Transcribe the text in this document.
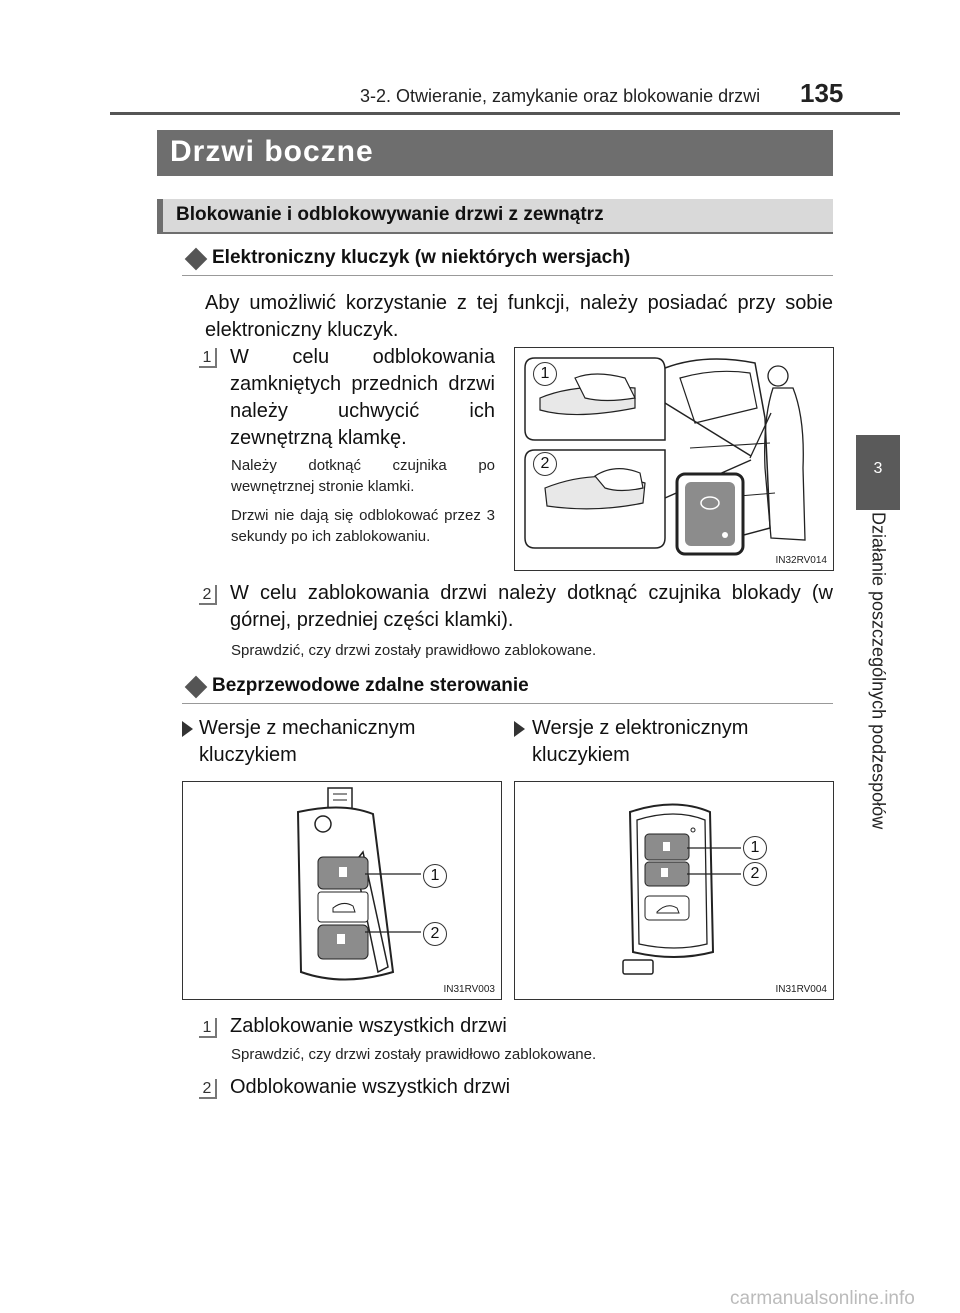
3-2. Otwieranie, zamykanie oraz blokowanie drzwi 135
3
Działanie poszczególnych podzespołów
Drzwi boczne
Blokowanie i odblokowywanie drzwi z zewnątrz
Elektroniczny kluczyk (w niektórych wersjach)
Aby umożliwić korzystanie z tej funkcji, należy posiadać przy sobie elektroniczny kluczyk.
1 W celu odblokowania zamkniętych przednich drzwi należy uchwycić ich zewnętrzną klamkę.
Należy dotknąć czujnika po wewnętrznej stronie klamki.
Drzwi nie dają się odblokować przez 3 sekundy po ich zablokowaniu.
1
2
IN32RV014
2 W celu zablokowania drzwi należy dotknąć czujnika blokady (w górnej, przedniej części klamki).
Sprawdzić, czy drzwi zostały prawidłowo zablokowane.
Bezprzewodowe zdalne sterowanie
Wersje z mechanicznym kluczykiem
Wersje z elektronicznym kluczykiem
1
2
IN31RV003
1
2
IN31RV004
1 Zablokowanie wszystkich drzwi
Sprawdzić, czy drzwi zostały prawidłowo zablokowane.
2 Odblokowanie wszystkich drzwi
carmanualsonline.info
